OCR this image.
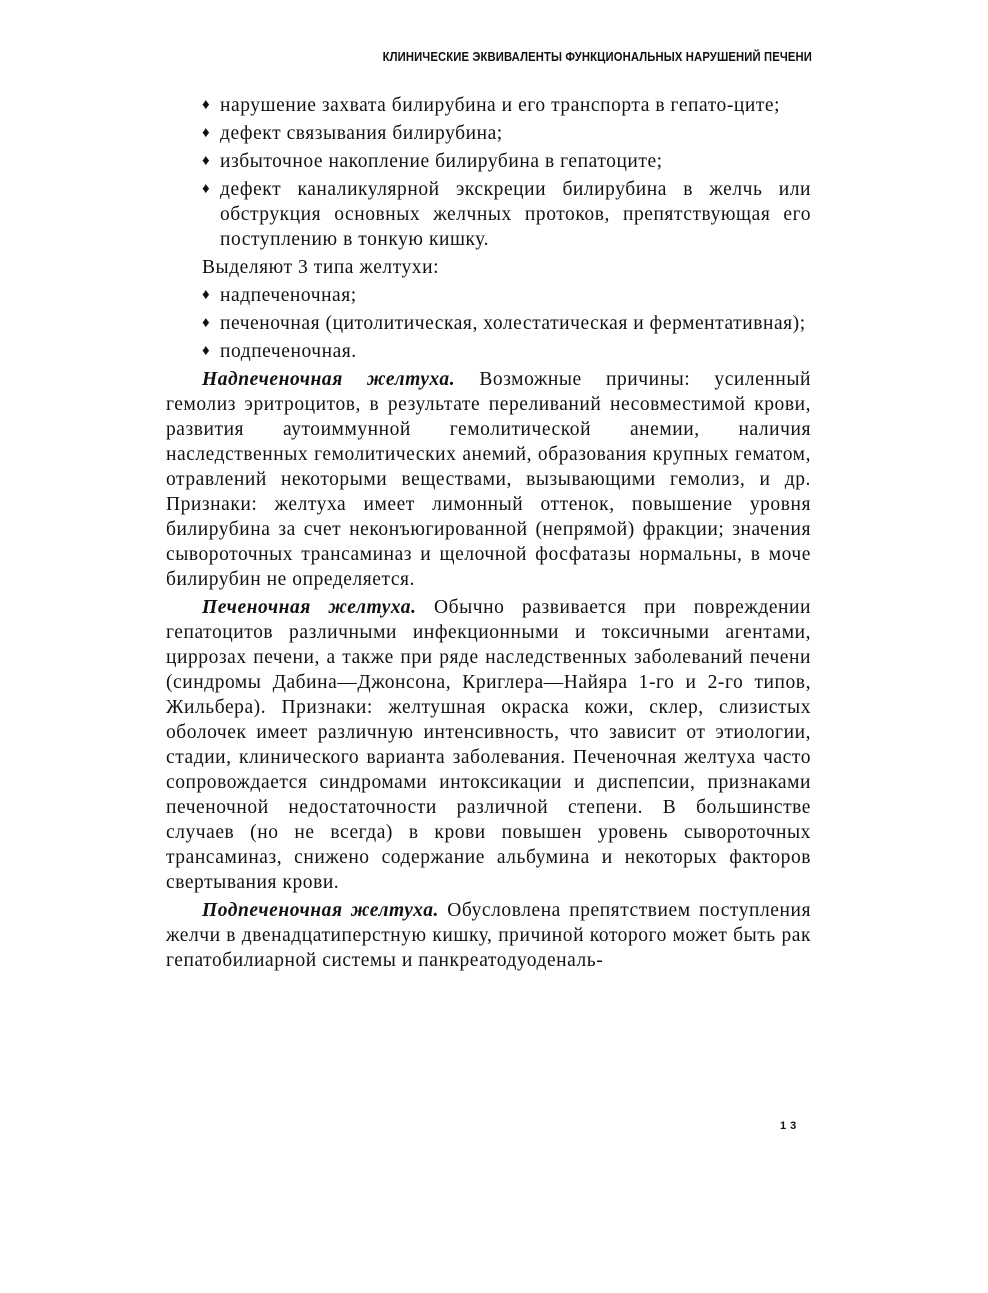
КЛИНИЧЕСКИЕ ЭКВИВАЛЕНТЫ ФУНКЦИОНАЛЬНЫХ НАРУШЕНИЙ ПЕЧЕНИ
♦ нарушение захвата билирубина и его транспорта в гепато-ците;
♦ дефект связывания билирубина;
♦ избыточное накопление билирубина в гепатоците;
♦ дефект каналикулярной экскреции билирубина в желчь или обструкция основных желчных протоков, препятствующая его поступлению в тонкую кишку.
Выделяют 3 типа желтухи:
♦ надпеченочная;
♦ печеночная (цитолитическая, холестатическая и ферментативная);
♦ подпеченочная.

Надпеченочная желтуха. Возможные причины: усиленный гемолиз эритроцитов, в результате переливаний несовместимой крови, развития аутоиммунной гемолитической анемии, наличия наследственных гемолитических анемий, образования крупных гематом, отравлений некоторыми веществами, вызывающими гемолиз, и др. Признаки: желтуха имеет лимонный оттенок, повышение уровня билирубина за счет неконъюгированной (непрямой) фракции; значения сывороточных трансаминаз и щелочной фосфатазы нормальны, в моче билирубин не определяется.

Печеночная желтуха. Обычно развивается при повреждении гепатоцитов различными инфекционными и токсичными агентами, циррозах печени, а также при ряде наследственных заболеваний печени (синдромы Дабина—Джонсона, Криглера—Найяра 1-го и 2-го типов, Жильбера). Признаки: желтушная окраска кожи, склер, слизистых оболочек имеет различную интенсивность, что зависит от этиологии, стадии, клинического варианта заболевания. Печеночная желтуха часто сопровождается синдромами интоксикации и диспепсии, признаками печеночной недостаточности различной степени. В большинстве случаев (но не всегда) в крови повышен уровень сывороточных трансаминаз, снижено содержание альбумина и некоторых факторов свертывания крови.

Подпеченочная желтуха. Обусловлена препятствием поступления желчи в двенадцатиперстную кишку, причиной которого может быть рак гепатобилиарной системы и панкреатодуоденаль-

13
